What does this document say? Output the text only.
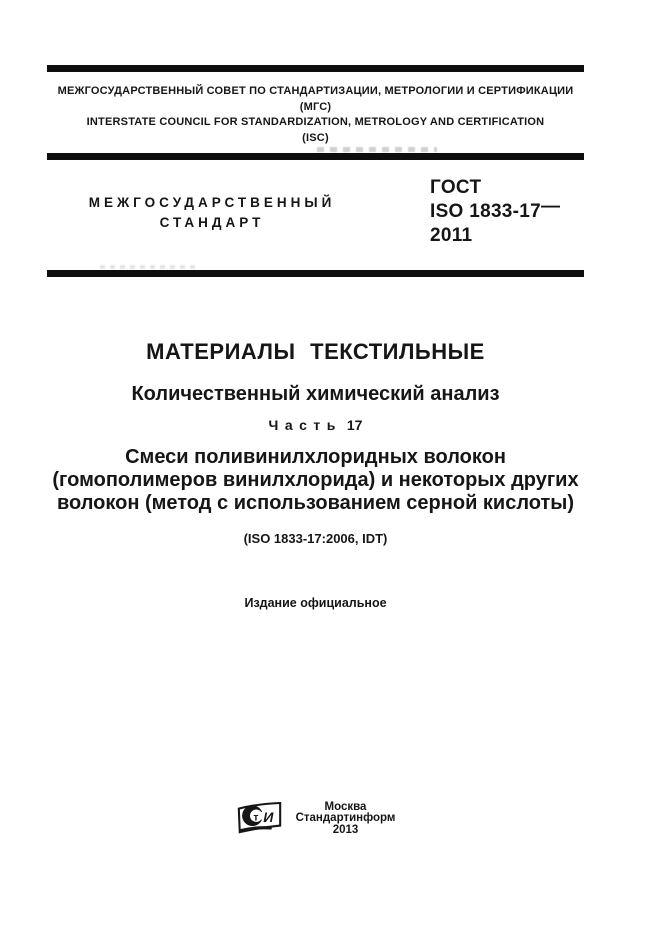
МЕЖГОСУДАРСТВЕННЫЙ СОВЕТ ПО СТАНДАРТИЗАЦИИ, МЕТРОЛОГИИ И СЕРТИФИКАЦИИ
(МГС)
INTERSTATE COUNCIL FOR STANDARDIZATION, METROLOGY AND CERTIFICATION
(ISC)
МЕЖГОСУДАРСТВЕННЫЙ
СТАНДАРТ
ГОСТ
ISO 1833-17—
2011
МАТЕРИАЛЫ ТЕКСТИЛЬНЫЕ
Количественный химический анализ
Часть 17
Смеси поливинилхлоридных волокон
(гомополимеров винилхлорида) и некоторых других
волокон (метод с использованием серной кислоты)
(ISO 1833-17:2006, IDT)
Издание официальное
т И
Москва
Стандартинформ
2013
